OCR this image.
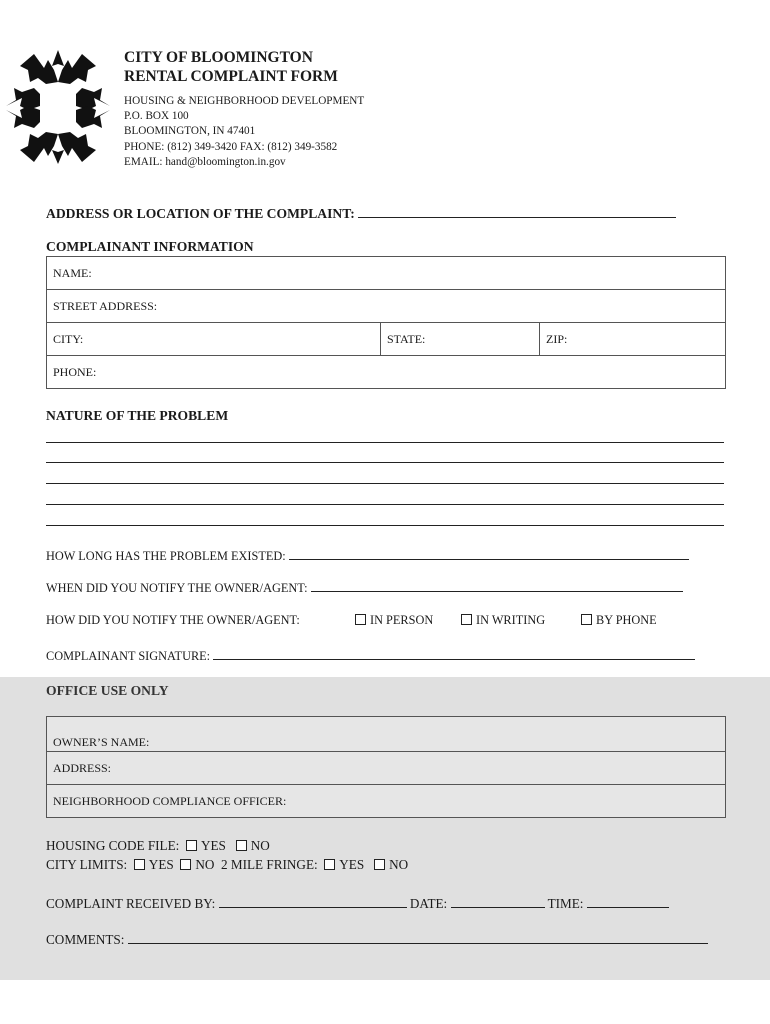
CITY OF BLOOMINGTON
RENTAL COMPLAINT FORM
HOUSING & NEIGHBORHOOD DEVELOPMENT
P.O. BOX 100
BLOOMINGTON, IN 47401
PHONE: (812) 349-3420 FAX: (812) 349-3582
EMAIL: hand@bloomington.in.gov
ADDRESS OR LOCATION OF THE COMPLAINT:
COMPLAINANT INFORMATION
NAME:
STREET ADDRESS:
CITY:	STATE:	ZIP:
PHONE:
NATURE OF THE PROBLEM
HOW LONG HAS THE PROBLEM EXISTED:
WHEN DID YOU NOTIFY THE OWNER/AGENT:
HOW DID YOU NOTIFY THE OWNER/AGENT:	IN PERSON	IN WRITING	BY PHONE
COMPLAINANT SIGNATURE:
OFFICE USE ONLY
OWNER’S NAME:
ADDRESS:
NEIGHBORHOOD COMPLIANCE OFFICER:
HOUSING CODE FILE: YES NO
CITY LIMITS: YES NO 2 MILE FRINGE: YES NO
COMPLAINT RECEIVED BY:	DATE:	TIME:
COMMENTS:
